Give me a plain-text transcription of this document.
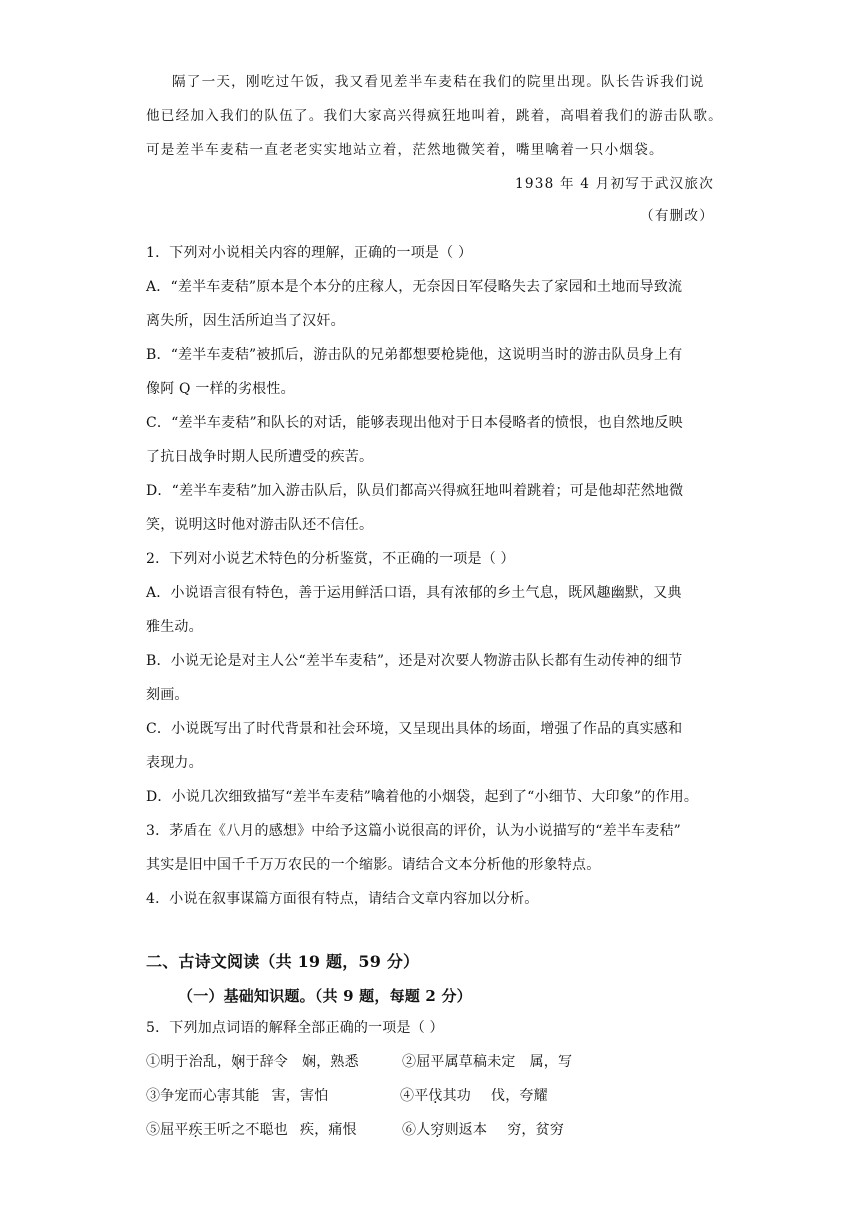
隔了一天，刚吃过午饭，我又看见差半车麦秸在我们的院里出现。队长告诉我们说
他已经加入我们的队伍了。我们大家高兴得疯狂地叫着，跳着，高唱着我们的游击队歌。
可是差半车麦秸一直老老实实地站立着，茫然地微笑着，嘴里噙着一只小烟袋。
1938 年 4 月初写于武汉旅次
（有删改）
1．下列对小说相关内容的理解，正确的一项是（ ）
A．“差半车麦秸”原本是个本分的庄稼人，无奈因日军侵略失去了家园和土地而导致流
离失所，因生活所迫当了汉奸。
B．“差半车麦秸”被抓后，游击队的兄弟都想要枪毙他，这说明当时的游击队员身上有
像阿 Q 一样的劣根性。
C．“差半车麦秸”和队长的对话，能够表现出他对于日本侵略者的愤恨，也自然地反映
了抗日战争时期人民所遭受的疾苦。
D．“差半车麦秸”加入游击队后，队员们都高兴得疯狂地叫着跳着；可是他却茫然地微
笑，说明这时他对游击队还不信任。
2．下列对小说艺术特色的分析鉴赏，不正确的一项是（ ）
A．小说语言很有特色，善于运用鲜活口语，具有浓郁的乡土气息，既风趣幽默，又典
雅生动。
B．小说无论是对主人公“差半车麦秸”，还是对次要人物游击队长都有生动传神的细节
刻画。
C．小说既写出了时代背景和社会环境，又呈现出具体的场面，增强了作品的真实感和
表现力。
D．小说几次细致描写“差半车麦秸”噙着他的小烟袋，起到了“小细节、大印象”的作用。
3．茅盾在《八月的感想》中给予这篇小说很高的评价，认为小说描写的“差半车麦秸”
其实是旧中国千千万万农民的一个缩影。请结合文本分析他的形象特点。
4．小说在叙事谋篇方面很有特点，请结合文章内容加以分析。
二、古诗文阅读（共 19 题，59 分）
（一）基础知识题。（共 9 题，每题 2 分）
5．下列加点词语的解释全部正确的一项是（ ）
①明于治乱，娴于辞令 娴，熟悉	②屈平属草稿未定 属，写
③争宠而心害其能 害，害怕	④平伐其功 伐，夸耀
⑤屈平疾王听之不聪也 疾，痛恨	⑥人穷则返本 穷，贫穷
